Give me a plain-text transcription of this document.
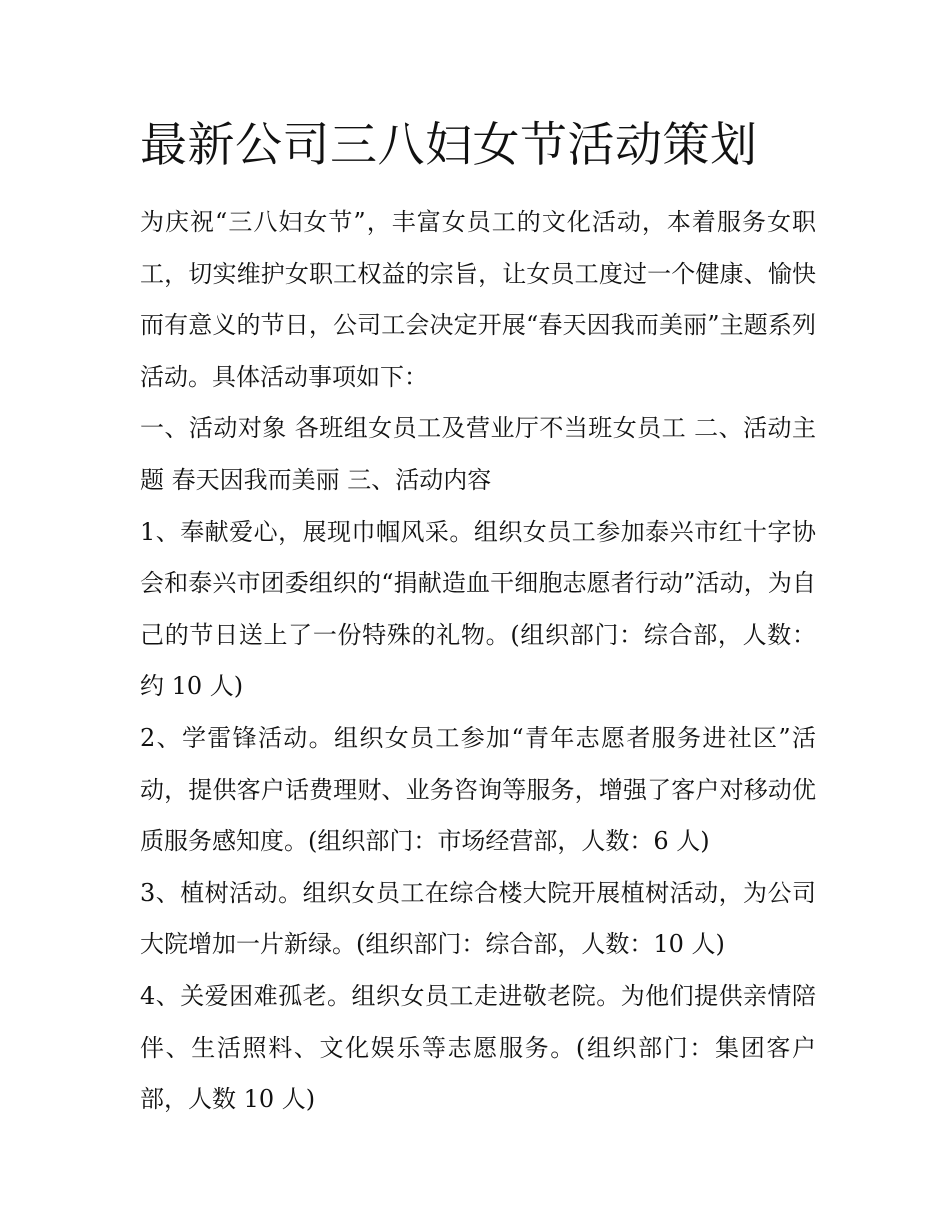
最新公司三八妇女节活动策划

为庆祝“三八妇女节”，丰富女员工的文化活动，本着服务女职工，切实维护女职工权益的宗旨，让女员工度过一个健康、愉快而有意义的节日，公司工会决定开展“春天因我而美丽”主题系列活动。具体活动事项如下：

一、活动对象 各班组女员工及营业厅不当班女员工 二、活动主题 春天因我而美丽 三、活动内容

1、奉献爱心，展现巾帼风采。组织女员工参加泰兴市红十字协会和泰兴市团委组织的“捐献造血干细胞志愿者行动”活动，为自己的节日送上了一份特殊的礼物。(组织部门：综合部，人数：约 10 人)

2、学雷锋活动。组织女员工参加“青年志愿者服务进社区”活动，提供客户话费理财、业务咨询等服务，增强了客户对移动优质服务感知度。(组织部门：市场经营部，人数：6 人)

3、植树活动。组织女员工在综合楼大院开展植树活动，为公司大院增加一片新绿。(组织部门：综合部，人数：10 人)

4、关爱困难孤老。组织女员工走进敬老院。为他们提供亲情陪伴、生活照料、文化娱乐等志愿服务。(组织部门：集团客户部，人数 10 人)
